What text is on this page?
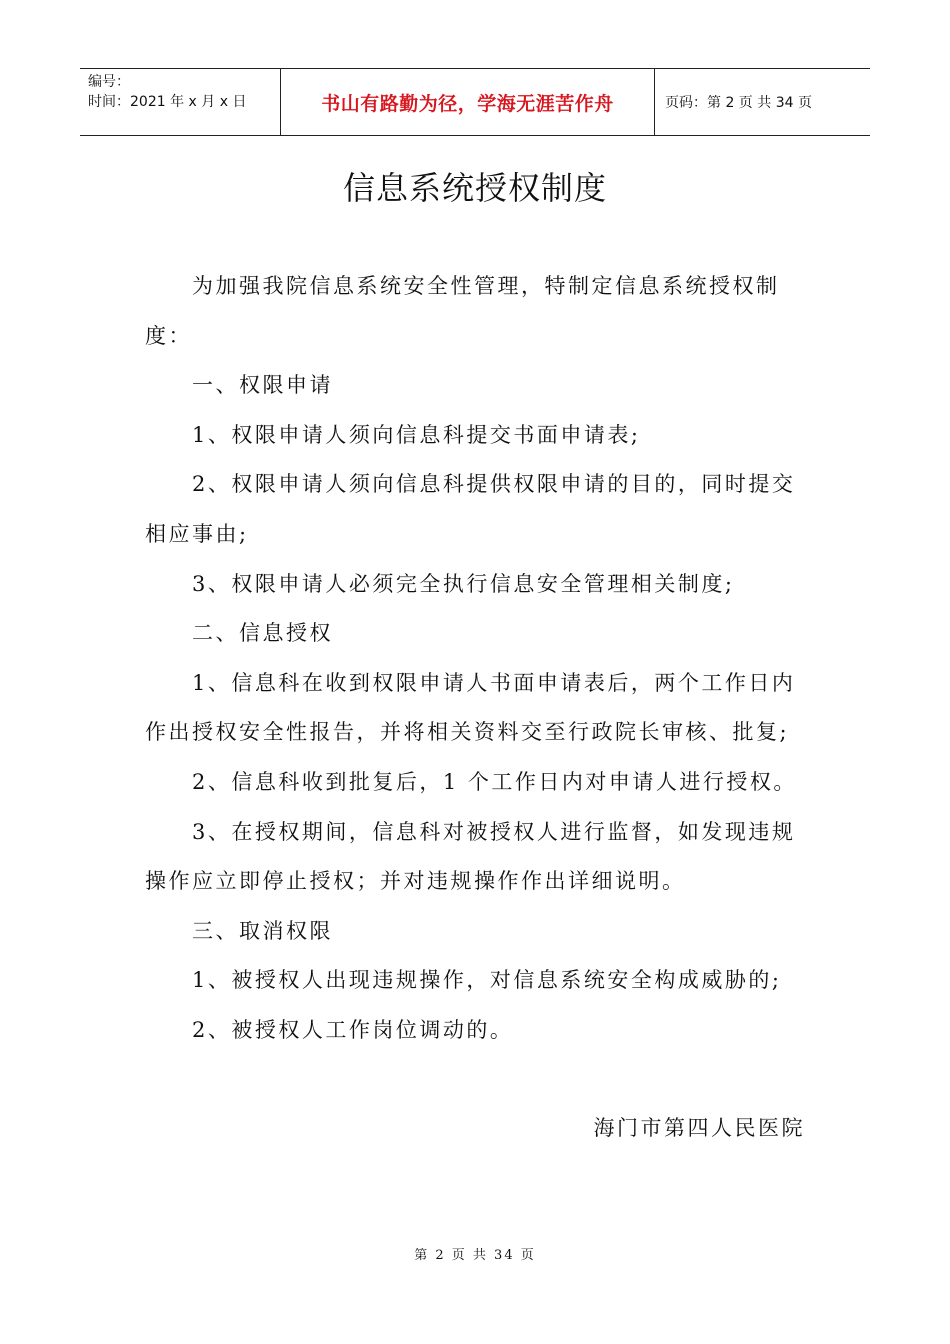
编号：
时间：2021 年 x 月 x 日	书山有路勤为径，学海无涯苦作舟	页码：第 2 页 共 34 页
信息系统授权制度

为加强我院信息系统安全性管理，特制定信息系统授权制度：

一、权限申请

1、权限申请人须向信息科提交书面申请表;

2、权限申请人须向信息科提供权限申请的目的，同时提交相应事由;

3、权限申请人必须完全执行信息安全管理相关制度;

二、信息授权

1、信息科在收到权限申请人书面申请表后，两个工作日内作出授权安全性报告，并将相关资料交至行政院长审核、批复;

2、信息科收到批复后，1 个工作日内对申请人进行授权。

3、在授权期间，信息科对被授权人进行监督，如发现违规操作应立即停止授权；并对违规操作作出详细说明。

三、取消权限

1、被授权人出现违规操作，对信息系统安全构成威胁的;

2、被授权人工作岗位调动的。

海门市第四人民医院
第 2 页 共 34 页
